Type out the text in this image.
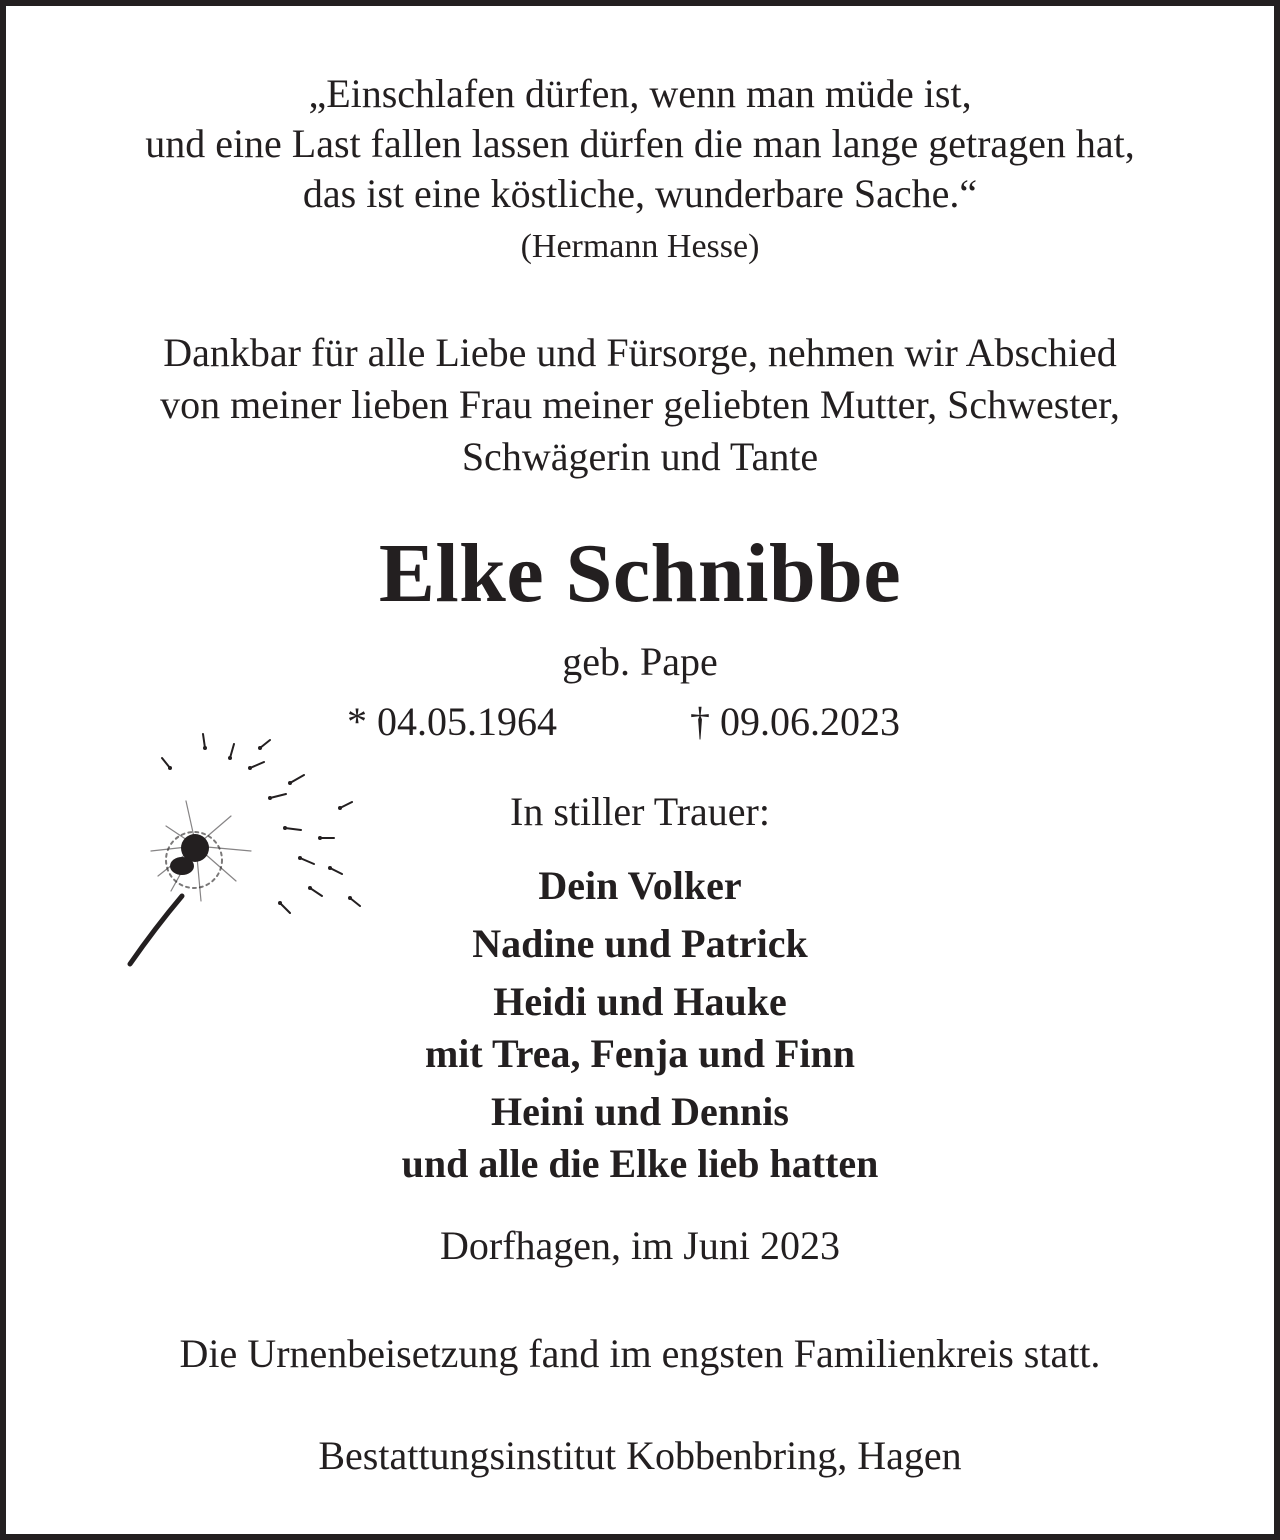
„Einschlafen dürfen, wenn man müde ist,
und eine Last fallen lassen dürfen die man lange getragen hat,
das ist eine köstliche, wunderbare Sache.“
(Hermann Hesse)
Dankbar für alle Liebe und Fürsorge, nehmen wir Abschied
von meiner lieben Frau meiner geliebten Mutter, Schwester,
Schwägerin und Tante
Elke Schnibbe
geb. Pape
* 04.05.1964	† 09.06.2023
In stiller Trauer:
Dein Volker
Nadine und Patrick
Heidi und Hauke
mit Trea, Fenja und Finn
Heini und Dennis
und alle die Elke lieb hatten
Dorfhagen, im Juni 2023
Die Urnenbeisetzung fand im engsten Familienkreis statt.
Bestattungsinstitut Kobbenbring, Hagen
